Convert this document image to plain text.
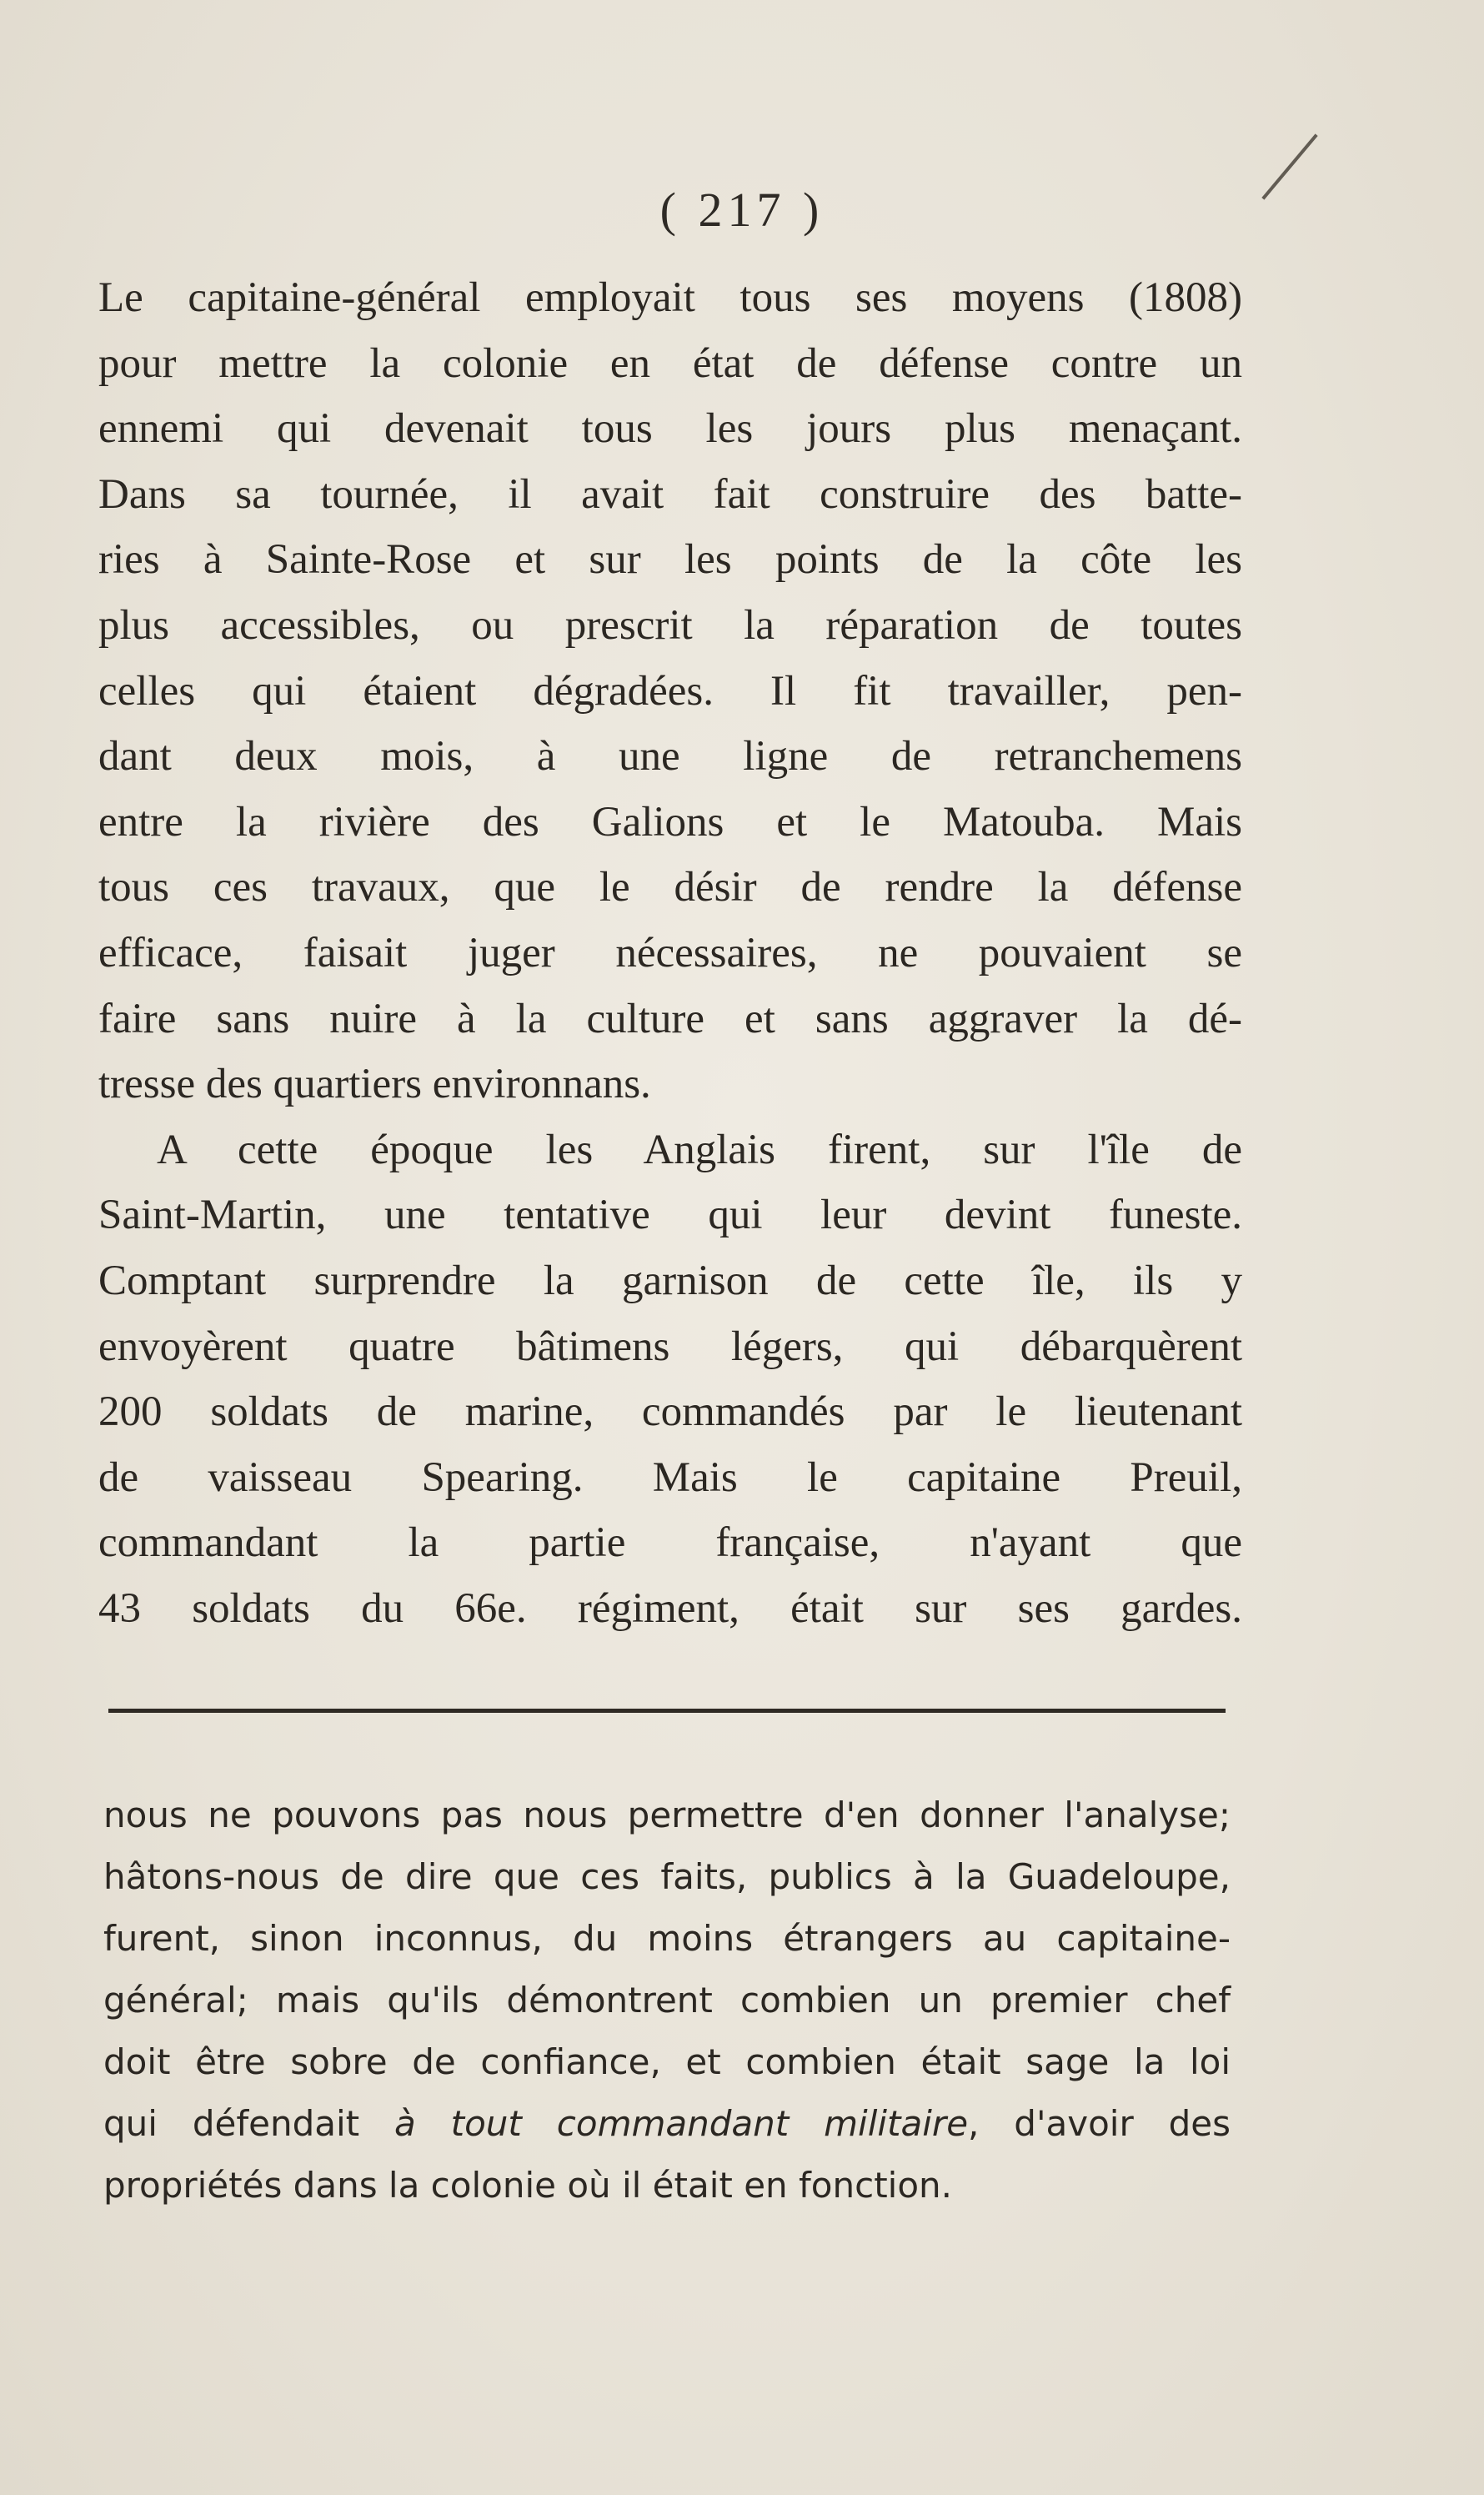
( 217 )
Le capitaine-général employait tous ses moyens (1808)
pour mettre la colonie en état de défense contre un
ennemi qui devenait tous les jours plus menaçant.
Dans sa tournée, il avait fait construire des batte-
ries à Sainte-Rose et sur les points de la côte les
plus accessibles, ou prescrit la réparation de toutes
celles qui étaient dégradées. Il fit travailler, pen-
dant deux mois, à une ligne de retranchemens
entre la rivière des Galions et le Matouba. Mais
tous ces travaux, que le désir de rendre la défense
efficace, faisait juger nécessaires, ne pouvaient se
faire sans nuire à la culture et sans aggraver la dé-
tresse des quartiers environnans.
A cette époque les Anglais firent, sur l'île de
Saint-Martin, une tentative qui leur devint funeste.
Comptant surprendre la garnison de cette île, ils y
envoyèrent quatre bâtimens légers, qui débarquèrent
200 soldats de marine, commandés par le lieutenant
de vaisseau Spearing. Mais le capitaine Preuil,
commandant la partie française, n'ayant que
43 soldats du 66e. régiment, était sur ses gardes.
nous ne pouvons pas nous permettre d'en donner l'analyse;
hâtons-nous de dire que ces faits, publics à la Guadeloupe,
furent, sinon inconnus, du moins étrangers au capitaine-
général; mais qu'ils démontrent combien un premier chef
doit être sobre de confiance, et combien était sage la loi
qui défendait à tout commandant militaire, d'avoir des
propriétés dans la colonie où il était en fonction.
